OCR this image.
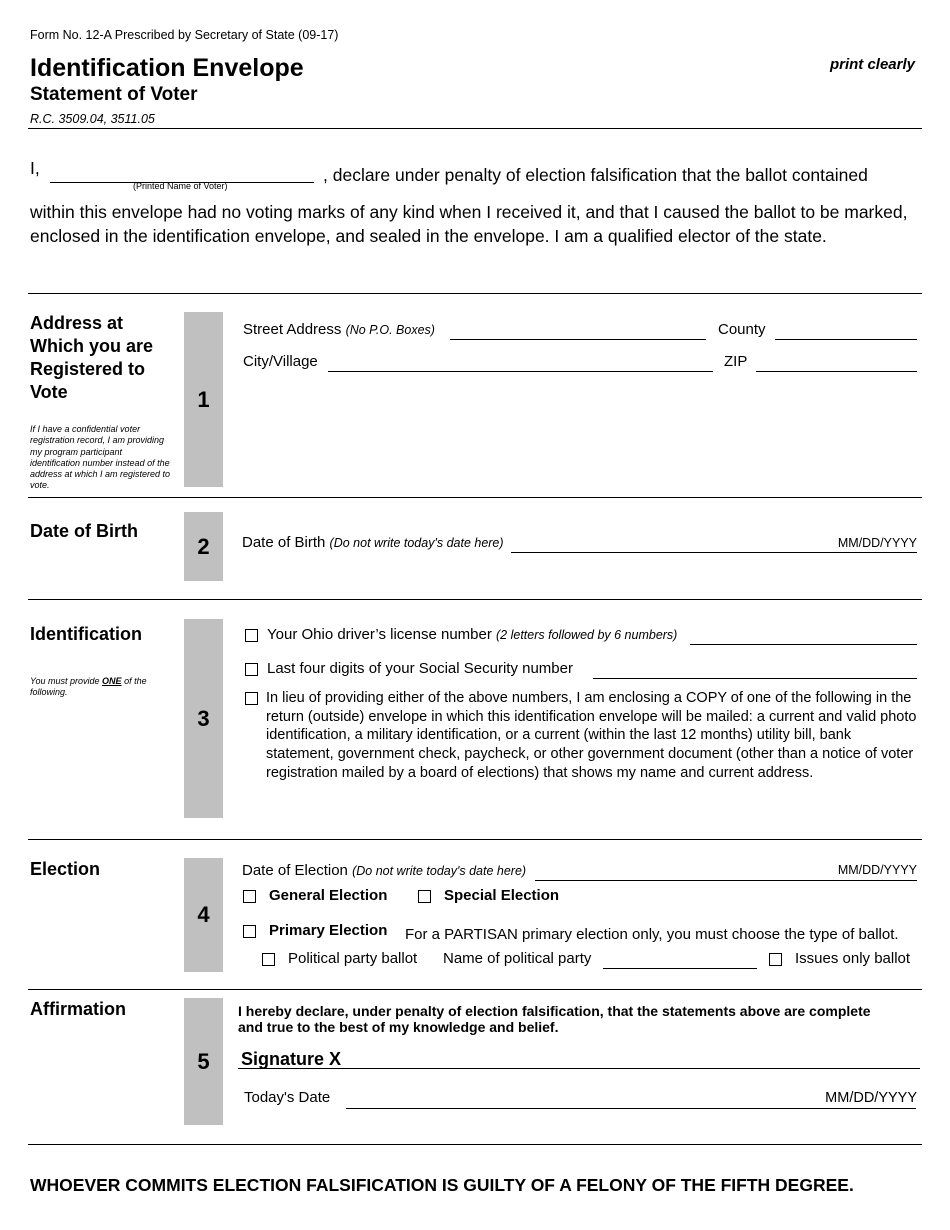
Form No. 12-A Prescribed by Secretary of State (09-17)
Identification Envelope
Statement of Voter
R.C. 3509.04, 3511.05
print clearly
I,
(Printed Name of Voter)
, declare under penalty of election falsification that the ballot contained
within this envelope had no voting marks of any kind when I received it, and that I caused the ballot to be marked, enclosed in the identification envelope, and sealed in the envelope. I am a qualified elector of the state.
Address at Which you are Registered to Vote
If I have a confidential voter registration record, I am providing my program participant identification number instead of the address at which I am registered to vote.
1
Street Address (No P.O. Boxes)	County
City/Village	ZIP
Date of Birth
2	Date of Birth (Do not write today's date here)	MM/DD/YYYY
Identification
You must provide ONE of the following.
3
Your Ohio driver’s license number (2 letters followed by 6 numbers)
Last four digits of your Social Security number
In lieu of providing either of the above numbers, I am enclosing a COPY of one of the following in the return (outside) envelope in which this identification envelope will be mailed: a current and valid photo identification, a military identification, or a current (within the last 12 months) utility bill, bank statement, government check, paycheck, or other government document (other than a notice of voter registration mailed by a board of elections) that shows my name and current address.
Election
4
Date of Election (Do not write today's date here)	MM/DD/YYYY
General Election	Special Election
Primary Election For a PARTISAN primary election only, you must choose the type of ballot.
Political party ballot Name of political party	Issues only ballot
Affirmation
5
I hereby declare, under penalty of election falsification, that the statements above are complete and true to the best of my knowledge and belief.
Signature X
Today's Date	MM/DD/YYYY
WHOEVER COMMITS ELECTION FALSIFICATION IS GUILTY OF A FELONY OF THE FIFTH DEGREE.
